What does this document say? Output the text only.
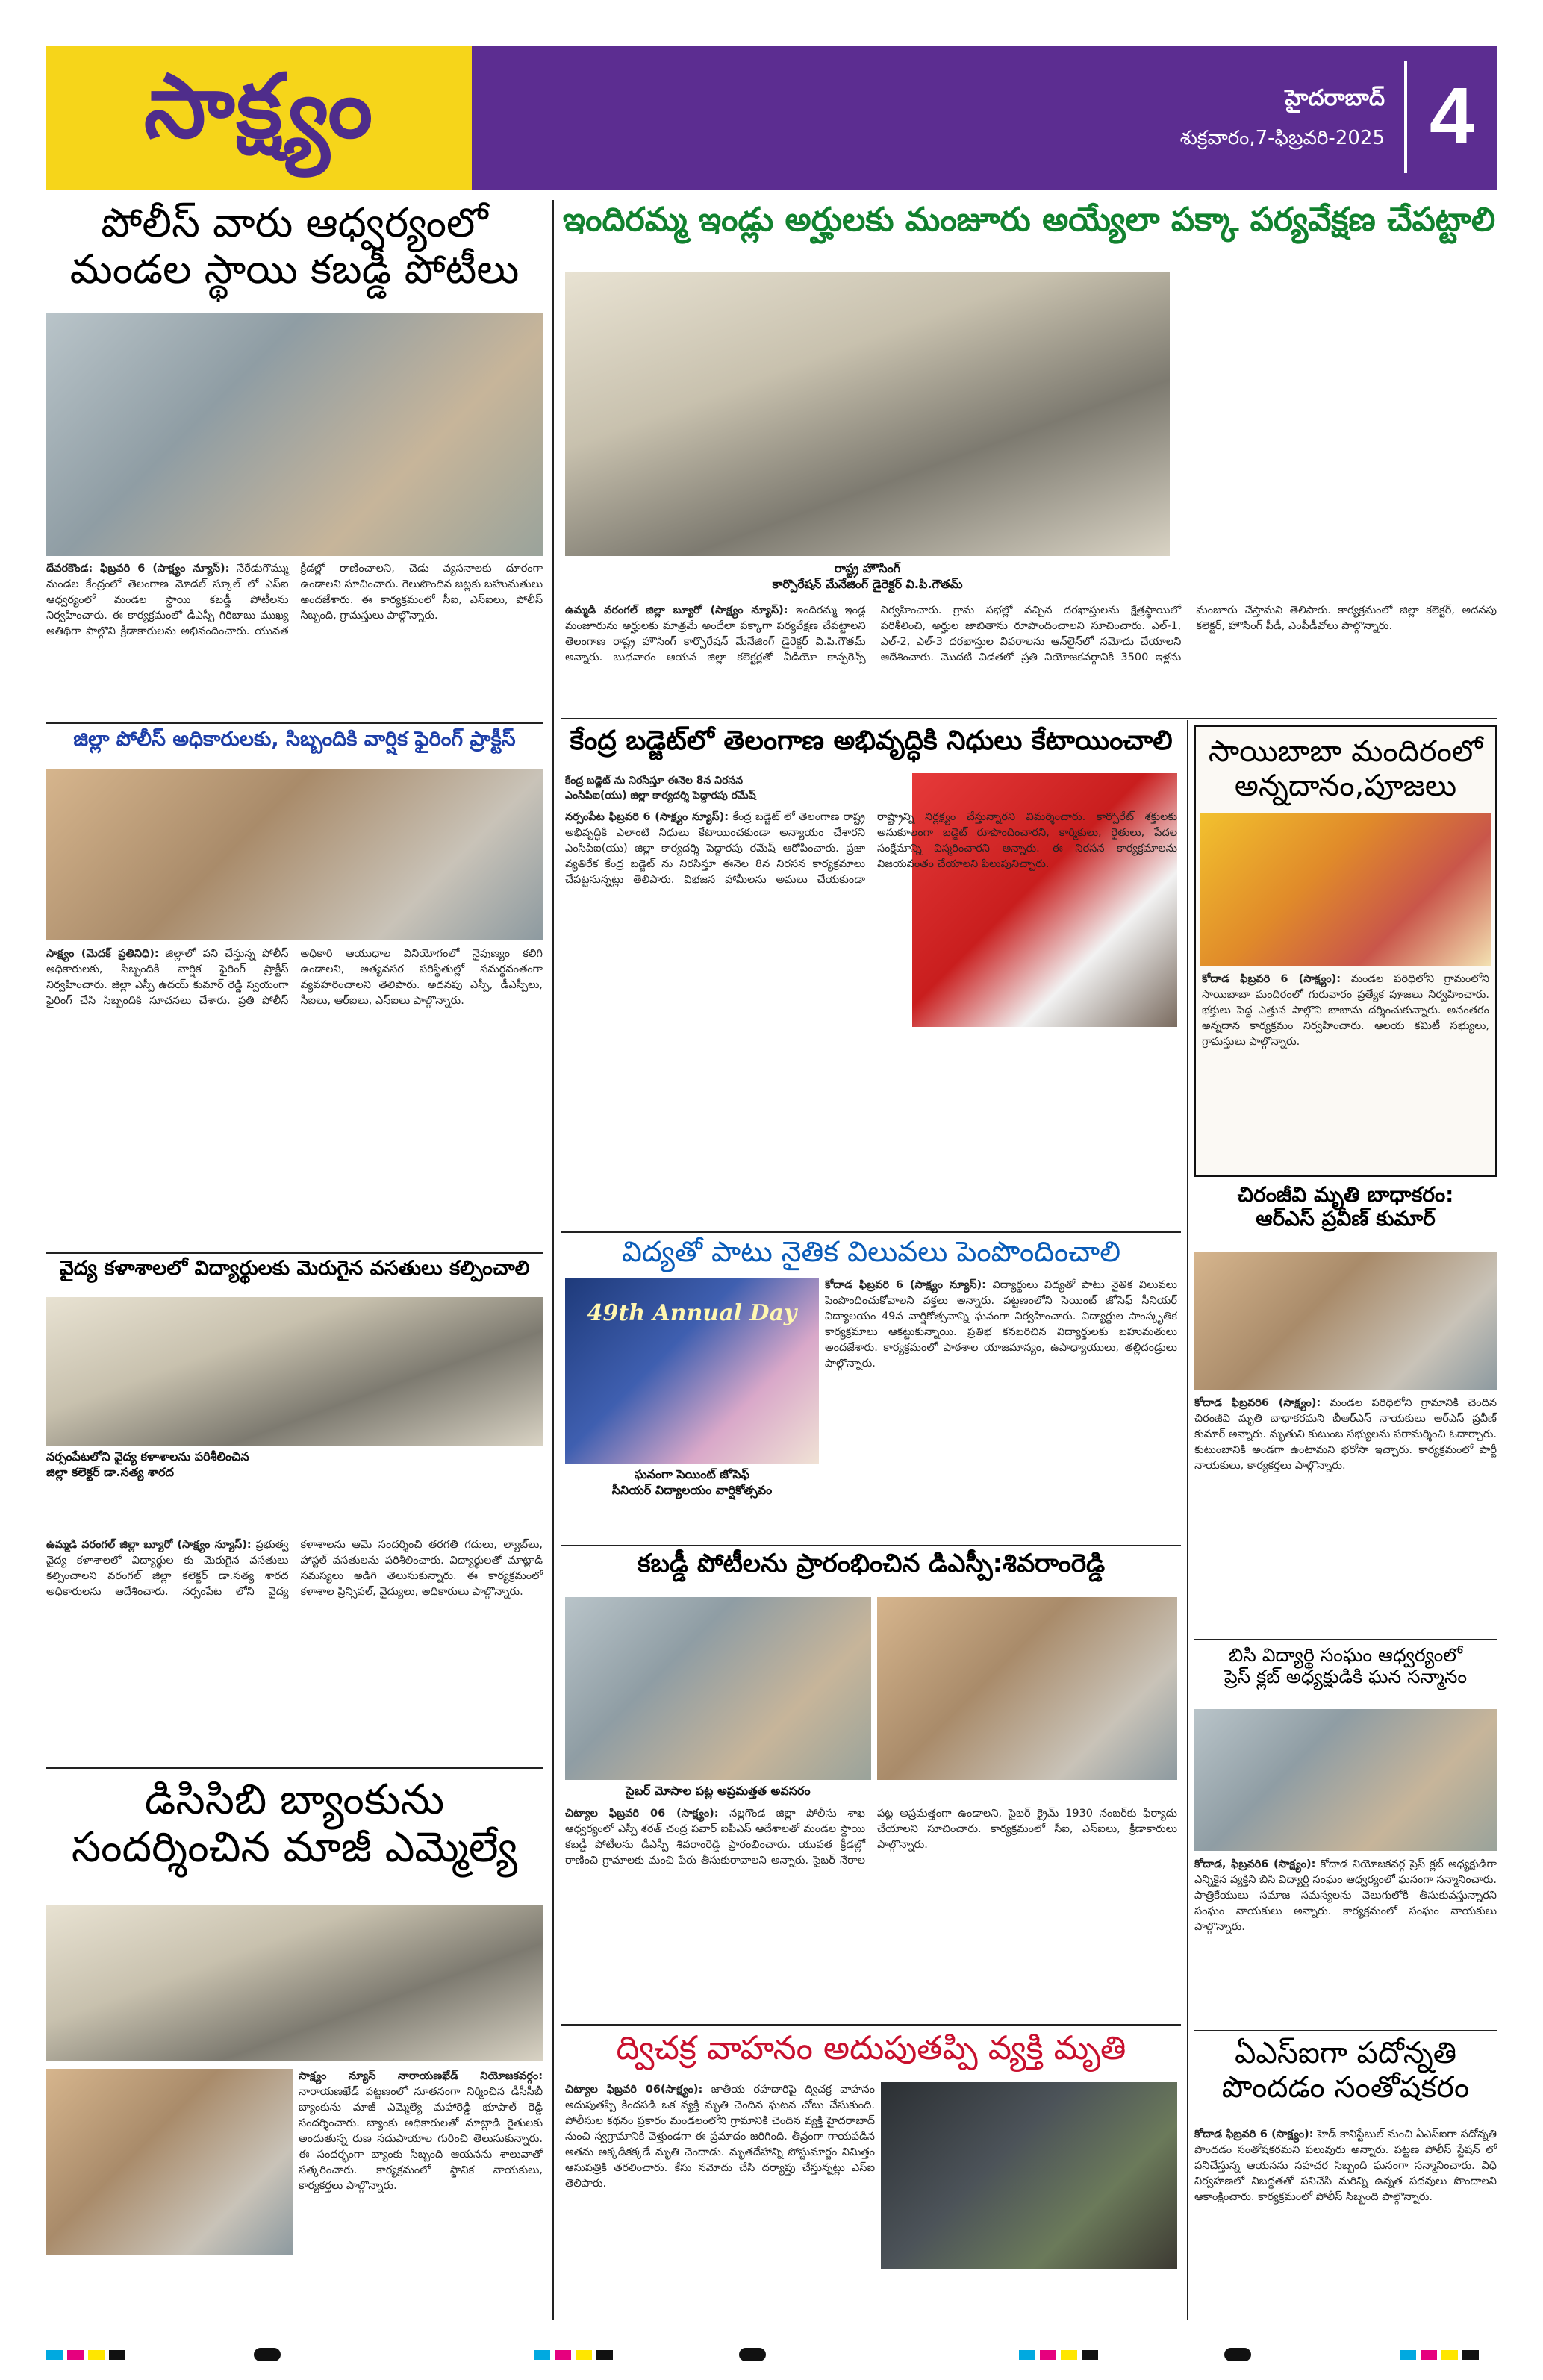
సాక్ష్యం	హైదరాబాద్
శుక్రవారం,7-ఫిబ్రవరి-2025 4
పోలీస్ వారు ఆధ్వర్యంలో
మండల స్థాయి కబడ్డీ పోటీలు
దేవరకొండ: ఫిబ్రవరి 6 (సాక్ష్యం న్యూస్): నేరేడుగొమ్ము మండల కేంద్రంలో తెలంగాణ మోడల్ స్కూల్ లో ఎస్ఐ ఆధ్వర్యంలో మండల స్థాయి కబడ్డీ పోటీలను నిర్వహించారు. ఈ కార్యక్రమంలో డీఎస్పీ గిరిబాబు ముఖ్య అతిథిగా పాల్గొని క్రీడాకారులను అభినందించారు. యువత క్రీడల్లో రాణించాలని, చెడు వ్యసనాలకు దూరంగా ఉండాలని సూచించారు. గెలుపొందిన జట్లకు బహుమతులు అందజేశారు. ఈ కార్యక్రమంలో సీఐ, ఎస్ఐలు, పోలీస్ సిబ్బంది, గ్రామస్తులు పాల్గొన్నారు.
జిల్లా పోలీస్ అధికారులకు, సిబ్బందికి వార్షిక ఫైరింగ్ ప్రాక్టీస్
సాక్ష్యం (మెదక్ ప్రతినిధి): జిల్లాలో పని చేస్తున్న పోలీస్ అధికారులకు, సిబ్బందికి వార్షిక ఫైరింగ్ ప్రాక్టీస్ నిర్వహించారు. జిల్లా ఎస్పీ ఉదయ్ కుమార్ రెడ్డి స్వయంగా ఫైరింగ్ చేసి సిబ్బందికి సూచనలు చేశారు. ప్రతి పోలీస్ అధికారి ఆయుధాల వినియోగంలో నైపుణ్యం కలిగి ఉండాలని, అత్యవసర పరిస్థితుల్లో సమర్థవంతంగా వ్యవహరించాలని తెలిపారు. అదనపు ఎస్పీ, డీఎస్పీలు, సీఐలు, ఆర్ఐలు, ఎస్ఐలు పాల్గొన్నారు.
వైద్య కళాశాలలో విద్యార్థులకు మెరుగైన వసతులు కల్పించాలి
నర్సంపేటలోని వైద్య కళాశాలను పరిశీలించిన జిల్లా కలెక్టర్ డా.సత్య శారద
ఉమ్మడి వరంగల్ జిల్లా బ్యూరో (సాక్ష్యం న్యూస్): ప్రభుత్వ వైద్య కళాశాలలో విద్యార్థుల కు మెరుగైన వసతులు కల్పించాలని వరంగల్ జిల్లా కలెక్టర్ డా.సత్య శారద అధికారులను ఆదేశించారు. నర్సంపేట లోని వైద్య కళాశాలను ఆమె సందర్శించి తరగతి గదులు, ల్యాబ్‌లు, హాస్టల్ వసతులను పరిశీలించారు. విద్యార్థులతో మాట్లాడి సమస్యలు అడిగి తెలుసుకున్నారు. ఈ కార్యక్రమంలో కళాశాల ప్రిన్సిపల్, వైద్యులు, అధికారులు పాల్గొన్నారు.
డిసిసిబి బ్యాంకును
సందర్శించిన మాజీ ఎమ్మెల్యే
సాక్ష్యం న్యూస్ నారాయణఖేడ్ నియోజకవర్గం: నారాయణఖేడ్ పట్టణంలో నూతనంగా నిర్మించిన డీసీసీబీ బ్యాంకును మాజీ ఎమ్మెల్యే మహారెడ్డి భూపాల్ రెడ్డి సందర్శించారు. బ్యాంకు అధికారులతో మాట్లాడి రైతులకు అందుతున్న రుణ సదుపాయాల గురించి తెలుసుకున్నారు. ఈ సందర్భంగా బ్యాంకు సిబ్బంది ఆయనను శాలువాతో సత్కరించారు. కార్యక్రమంలో స్థానిక నాయకులు, కార్యకర్తలు పాల్గొన్నారు.
ఇందిరమ్మ ఇండ్లు అర్హులకు మంజూరు అయ్యేలా పక్కా పర్యవేక్షణ చేపట్టాలి
రాష్ట్ర హౌసింగ్
కార్పొరేషన్ మేనేజింగ్ డైరెక్టర్ వి.పి.గౌతమ్
ఉమ్మడి వరంగల్ జిల్లా బ్యూరో (సాక్ష్యం న్యూస్): ఇందిరమ్మ ఇండ్ల మంజూరును అర్హులకు మాత్రమే అందేలా పక్కాగా పర్యవేక్షణ చేపట్టాలని తెలంగాణ రాష్ట్ర హౌసింగ్ కార్పొరేషన్ మేనేజింగ్ డైరెక్టర్ వి.పి.గౌతమ్ అన్నారు. బుధవారం ఆయన జిల్లా కలెక్టర్లతో వీడియో కాన్ఫరెన్స్ నిర్వహించారు. గ్రామ సభల్లో వచ్చిన దరఖాస్తులను క్షేత్రస్థాయిలో పరిశీలించి, అర్హుల జాబితాను రూపొందించాలని సూచించారు. ఎల్-1, ఎల్-2, ఎల్-3 దరఖాస్తుల వివరాలను ఆన్‌లైన్‌లో నమోదు చేయాలని ఆదేశించారు. మొదటి విడతలో ప్రతి నియోజకవర్గానికి 3500 ఇళ్లను మంజూరు చేస్తామని తెలిపారు. కార్యక్రమంలో జిల్లా కలెక్టర్, అదనపు కలెక్టర్, హౌసింగ్ పీడీ, ఎంపీడీవోలు పాల్గొన్నారు.
కేంద్ర బడ్జెట్‌లో తెలంగాణ అభివృద్ధికి నిధులు కేటాయించాలి
కేంద్ర బడ్జెట్ ను నిరసిస్తూ ఈనెల 8న నిరసన
ఎంసిపిఐ(యు) జిల్లా కార్యదర్శి పెద్దారపు రమేష్
నర్సంపేట ఫిబ్రవరి 6 (సాక్ష్యం న్యూస్): కేంద్ర బడ్జెట్ లో తెలంగాణ రాష్ట్ర అభివృద్ధికి ఎలాంటి నిధులు కేటాయించకుండా అన్యాయం చేశారని ఎంసిపిఐ(యు) జిల్లా కార్యదర్శి పెద్దారపు రమేష్ ఆరోపించారు. ప్రజా వ్యతిరేక కేంద్ర బడ్జెట్ ను నిరసిస్తూ ఈనెల 8న నిరసన కార్యక్రమాలు చేపట్టనున్నట్లు తెలిపారు. విభజన హామీలను అమలు చేయకుండా రాష్ట్రాన్ని నిర్లక్ష్యం చేస్తున్నారని విమర్శించారు. కార్పొరేట్ శక్తులకు అనుకూలంగా బడ్జెట్ రూపొందించారని, కార్మికులు, రైతులు, పేదల సంక్షేమాన్ని విస్మరించారని అన్నారు. ఈ నిరసన కార్యక్రమాలను విజయవంతం చేయాలని పిలుపునిచ్చారు.
విద్యతో పాటు నైతిక విలువలు పెంపొందించాలి
49th Annual Day
ఘనంగా సెయింట్ జోసెఫ్
సీనియర్ విద్యాలయం వార్షికోత్సవం
కోదాడ ఫిబ్రవరి 6 (సాక్ష్యం న్యూస్): విద్యార్థులు విద్యతో పాటు నైతిక విలువలు పెంపొందించుకోవాలని వక్తలు అన్నారు. పట్టణంలోని సెయింట్ జోసెఫ్ సీనియర్ విద్యాలయం 49వ వార్షికోత్సవాన్ని ఘనంగా నిర్వహించారు. విద్యార్థుల సాంస్కృతిక కార్యక్రమాలు ఆకట్టుకున్నాయి. ప్రతిభ కనబరిచిన విద్యార్థులకు బహుమతులు అందజేశారు. కార్యక్రమంలో పాఠశాల యాజమాన్యం, ఉపాధ్యాయులు, తల్లిదండ్రులు పాల్గొన్నారు.
కబడ్డీ పోటీలను ప్రారంభించిన డిఎస్పీ:శివరాంరెడ్డి
సైబర్ మోసాల పట్ల అప్రమత్తత అవసరం
చిట్యాల ఫిబ్రవరి 06 (సాక్ష్యం): నల్లగొండ జిల్లా పోలీసు శాఖ ఆధ్వర్యంలో ఎస్పీ శరత్ చంద్ర పవార్ ఐపీఎస్ ఆదేశాలతో మండల స్థాయి కబడ్డీ పోటీలను డీఎస్పీ శివరాంరెడ్డి ప్రారంభించారు. యువత క్రీడల్లో రాణించి గ్రామాలకు మంచి పేరు తీసుకురావాలని అన్నారు. సైబర్ నేరాల పట్ల అప్రమత్తంగా ఉండాలని, సైబర్ క్రైమ్ 1930 నంబర్‌కు ఫిర్యాదు చేయాలని సూచించారు. కార్యక్రమంలో సీఐ, ఎస్ఐలు, క్రీడాకారులు పాల్గొన్నారు.
ద్విచక్ర వాహనం అదుపుతప్పి వ్యక్తి మృతి
చిట్యాల ఫిబ్రవరి 06(సాక్ష్యం): జాతీయ రహదారిపై ద్విచక్ర వాహనం అదుపుతప్పి కిందపడి ఒక వ్యక్తి మృతి చెందిన ఘటన చోటు చేసుకుంది. పోలీసుల కథనం ప్రకారం మండలంలోని గ్రామానికి చెందిన వ్యక్తి హైదరాబాద్ నుంచి స్వగ్రామానికి వెళ్తుండగా ఈ ప్రమాదం జరిగింది. తీవ్రంగా గాయపడిన అతను అక్కడికక్కడే మృతి చెందాడు. మృతదేహాన్ని పోస్టుమార్టం నిమిత్తం ఆసుపత్రికి తరలించారు. కేసు నమోదు చేసి దర్యాప్తు చేస్తున్నట్లు ఎస్ఐ తెలిపారు.
సాయిబాబా మందిరంలో
అన్నదానం,పూజలు
కోదాడ ఫిబ్రవరి 6 (సాక్ష్యం): మండల పరిధిలోని గ్రామంలోని సాయిబాబా మందిరంలో గురువారం ప్రత్యేక పూజలు నిర్వహించారు. భక్తులు పెద్ద ఎత్తున పాల్గొని బాబాను దర్శించుకున్నారు. అనంతరం అన్నదాన కార్యక్రమం నిర్వహించారు. ఆలయ కమిటీ సభ్యులు, గ్రామస్తులు పాల్గొన్నారు.
చిరంజీవి మృతి బాధాకరం:
ఆర్ఎస్ ప్రవీణ్ కుమార్
కోదాడ ఫిబ్రవరి6 (సాక్ష్యం): మండల పరిధిలోని గ్రామానికి చెందిన చిరంజీవి మృతి బాధాకరమని బీఆర్ఎస్ నాయకులు ఆర్ఎస్ ప్రవీణ్ కుమార్ అన్నారు. మృతుని కుటుంబ సభ్యులను పరామర్శించి ఓదార్చారు. కుటుంబానికి అండగా ఉంటామని భరోసా ఇచ్చారు. కార్యక్రమంలో పార్టీ నాయకులు, కార్యకర్తలు పాల్గొన్నారు.
బిసి విద్యార్థి సంఘం ఆధ్వర్యంలో
ప్రెస్ క్లబ్ అధ్యక్షుడికి ఘన సన్మానం
కోదాడ, ఫిబ్రవరి6 (సాక్ష్యం): కోదాడ నియోజకవర్గ ప్రెస్ క్లబ్ అధ్యక్షుడిగా ఎన్నికైన వ్యక్తిని బిసి విద్యార్థి సంఘం ఆధ్వర్యంలో ఘనంగా సన్మానించారు. పాత్రికేయులు సమాజ సమస్యలను వెలుగులోకి తీసుకువస్తున్నారని సంఘం నాయకులు అన్నారు. కార్యక్రమంలో సంఘం నాయకులు పాల్గొన్నారు.
ఏఎస్ఐగా పదోన్నతి
పొందడం సంతోషకరం
కోదాడ ఫిబ్రవరి 6 (సాక్ష్యం): హెడ్ కానిస్టేబుల్ నుంచి ఏఎస్ఐగా పదోన్నతి పొందడం సంతోషకరమని పలువురు అన్నారు. పట్టణ పోలీస్ స్టేషన్ లో పనిచేస్తున్న ఆయనను సహచర సిబ్బంది ఘనంగా సన్మానించారు. విధి నిర్వహణలో నిబద్ధతతో పనిచేసి మరిన్ని ఉన్నత పదవులు పొందాలని ఆకాంక్షించారు. కార్యక్రమంలో పోలీస్ సిబ్బంది పాల్గొన్నారు.
